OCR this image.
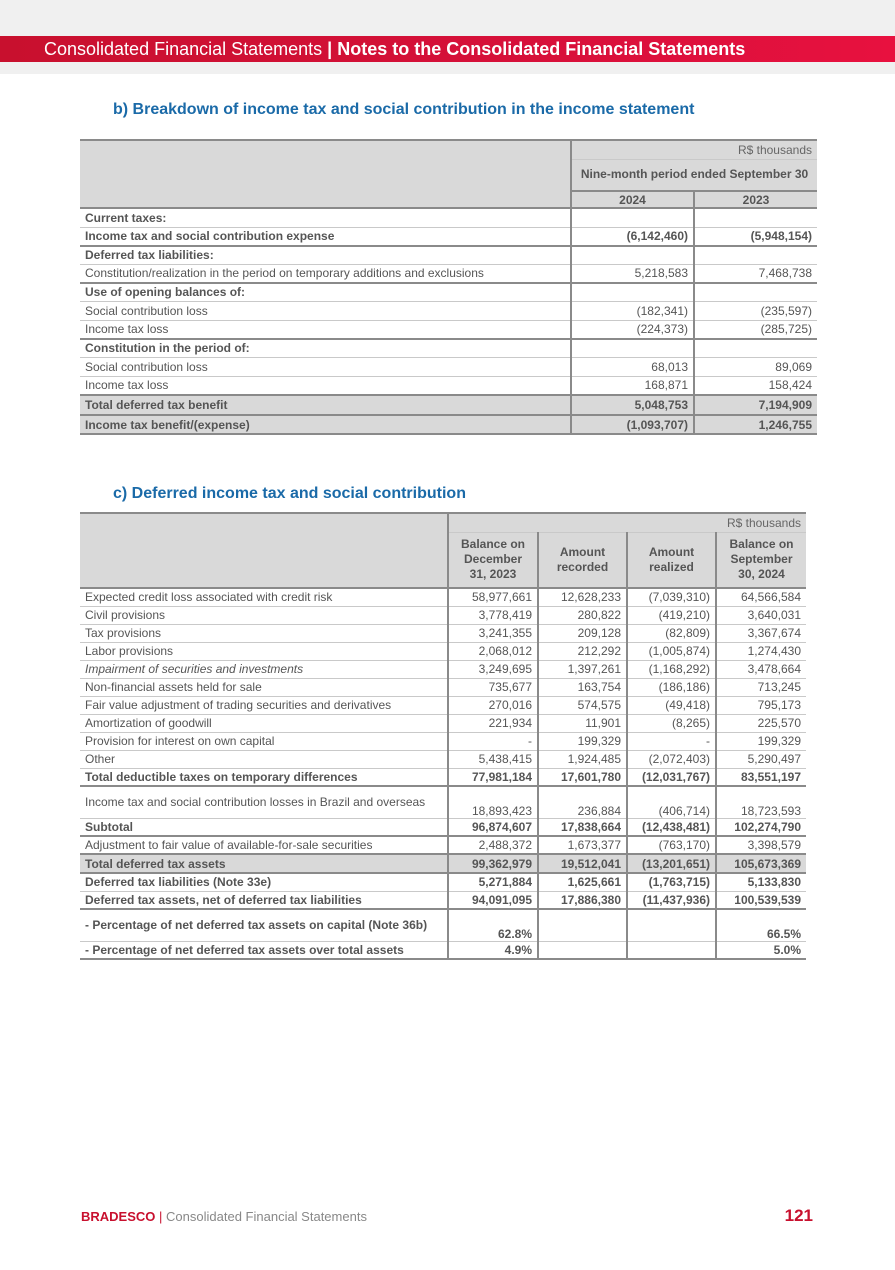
Consolidated Financial Statements | Notes to the Consolidated Financial Statements
b) Breakdown of income tax and social contribution in the income statement
	R$ thousands	
	Nine-month period ended September 30	
	2024	2023
Current taxes:		
Income tax and social contribution expense	(6,142,460)	(5,948,154)
Deferred tax liabilities:		
Constitution/realization in the period on temporary additions and exclusions	5,218,583	7,468,738
Use of opening balances of:		
Social contribution loss	(182,341)	(235,597)
Income tax loss	(224,373)	(285,725)
Constitution in the period of:		
Social contribution loss	68,013	89,069
Income tax loss	168,871	158,424
Total deferred tax benefit	5,048,753	7,194,909
Income tax benefit/(expense)	(1,093,707)	1,246,755
c) Deferred income tax and social contribution
	R$ thousands			
	Balance on December 31, 2023	Amount recorded	Amount realized	Balance on September 30, 2024
Expected credit loss associated with credit risk	58,977,661	12,628,233	(7,039,310)	64,566,584
Civil provisions	3,778,419	280,822	(419,210)	3,640,031
Tax provisions	3,241,355	209,128	(82,809)	3,367,674
Labor provisions	2,068,012	212,292	(1,005,874)	1,274,430
Impairment of securities and investments	3,249,695	1,397,261	(1,168,292)	3,478,664
Non-financial assets held for sale	735,677	163,754	(186,186)	713,245
Fair value adjustment of trading securities and derivatives	270,016	574,575	(49,418)	795,173
Amortization of goodwill	221,934	11,901	(8,265)	225,570
Provision for interest on own capital	-	199,329	-	199,329
Other	5,438,415	1,924,485	(2,072,403)	5,290,497
Total deductible taxes on temporary differences	77,981,184	17,601,780	(12,031,767)	83,551,197
Income tax and social contribution losses in Brazil and overseas	18,893,423	236,884	(406,714)	18,723,593
Subtotal	96,874,607	17,838,664	(12,438,481)	102,274,790
Adjustment to fair value of available-for-sale securities	2,488,372	1,673,377	(763,170)	3,398,579
Total deferred tax assets	99,362,979	19,512,041	(13,201,651)	105,673,369
Deferred tax liabilities (Note 33e)	5,271,884	1,625,661	(1,763,715)	5,133,830
Deferred tax assets, net of deferred tax liabilities	94,091,095	17,886,380	(11,437,936)	100,539,539
- Percentage of net deferred tax assets on capital (Note 36b)	62.8%			66.5%
- Percentage of net deferred tax assets over total assets	4.9%			5.0%
BRADESCO | Consolidated Financial Statements	121
